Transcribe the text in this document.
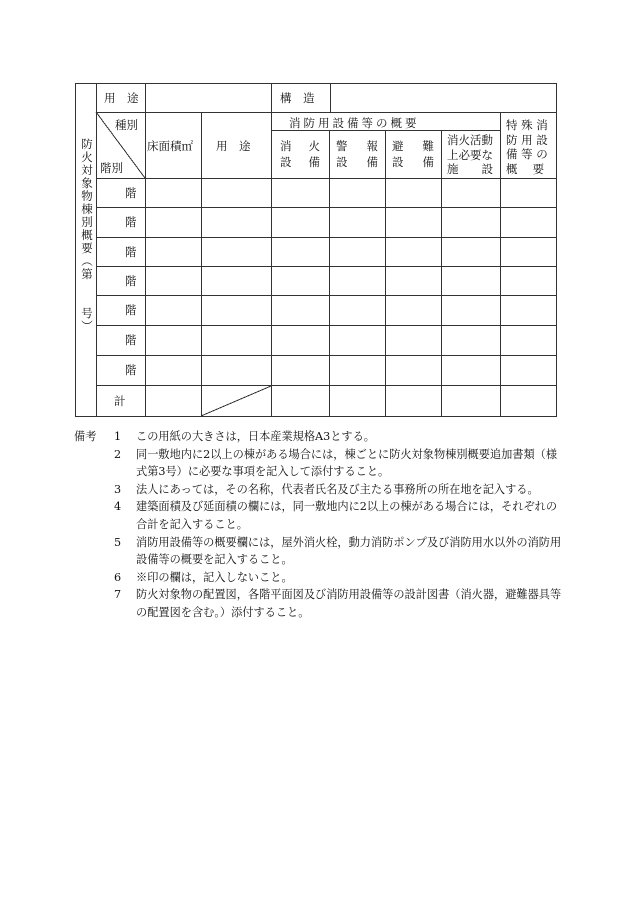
防火対象物棟別概要（第　　号）
用　途	構　造
種別
階別
床面積㎡ 用　途
消防用設備等の概要
消 火
設 備
警 報
設 備
避 難
設 備
消火活動
上必要な
施　　設
特 殊 消
防 用 設
備 等 の
概　 要
階
階
階
階
階
階
階
計
備考 1 この用紙の大きさは，日本産業規格A3とする。
2 同一敷地内に2以上の棟がある場合には，棟ごとに防火対象物棟別概要追加書類（様式第3号）に必要な事項を記入して添付すること。
3 法人にあっては，その名称，代表者氏名及び主たる事務所の所在地を記入する。
4 建築面積及び延面積の欄には，同一敷地内に2以上の棟がある場合には，それぞれの合計を記入すること。
5 消防用設備等の概要欄には，屋外消火栓，動力消防ポンプ及び消防用水以外の消防用設備等の概要を記入すること。
6 ※印の欄は，記入しないこと。
7 防火対象物の配置図，各階平面図及び消防用設備等の設計図書（消火器，避難器具等の配置図を含む。）添付すること。
